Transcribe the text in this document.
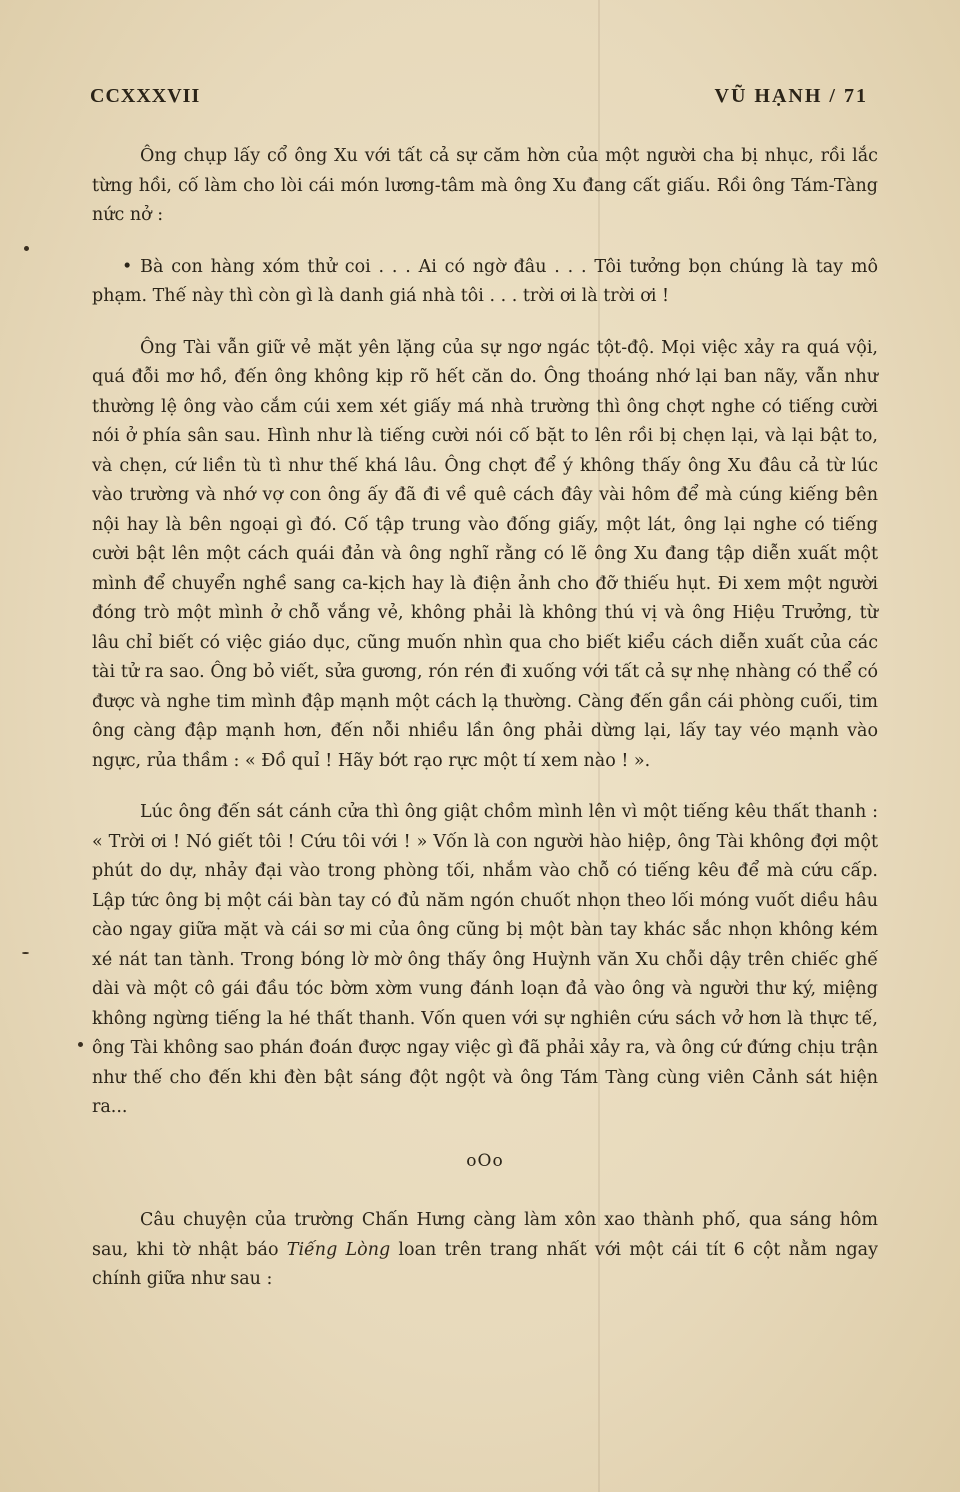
CCXXXVII	VŨ HẠNH / 71

Ông chụp lấy cổ ông Xu với tất cả sự căm hờn của một người cha bị nhục, rồi lắc từng hồi, cố làm cho lòi cái món lương-tâm mà ông Xu đang cất giấu. Rồi ông Tám-Tàng nức nở :

• Bà con hàng xóm thử coi . . . Ai có ngờ đâu . . . Tôi tưởng bọn chúng là tay mô phạm. Thế này thì còn gì là danh giá nhà tôi . . . trời ơi là trời ơi !

Ông Tài vẫn giữ vẻ mặt yên lặng của sự ngơ ngác tột-độ. Mọi việc xảy ra quá vội, quá đỗi mơ hồ, đến ông không kịp rõ hết căn do. Ông thoáng nhớ lại ban nãy, vẫn như thường lệ ông vào cắm cúi xem xét giấy má nhà trường thì ông chợt nghe có tiếng cười nói ở phía sân sau. Hình như là tiếng cười nói cố bặt to lên rồi bị chẹn lại, và lại bật to, và chẹn, cứ liền tù tì như thế khá lâu. Ông chợt để ý không thấy ông Xu đâu cả từ lúc vào trường và nhớ vợ con ông ấy đã đi về quê cách đây vài hôm để mà cúng kiếng bên nội hay là bên ngoại gì đó. Cố tập trung vào đống giấy, một lát, ông lại nghe có tiếng cười bật lên một cách quái đản và ông nghĩ rằng có lẽ ông Xu đang tập diễn xuất một mình để chuyển nghề sang ca-kịch hay là điện ảnh cho đỡ thiếu hụt. Đi xem một người đóng trò một mình ở chỗ vắng vẻ, không phải là không thú vị và ông Hiệu Trưởng, từ lâu chỉ biết có việc giáo dục, cũng muốn nhìn qua cho biết kiểu cách diễn xuất của các tài tử ra sao. Ông bỏ viết, sửa gương, rón rén đi xuống với tất cả sự nhẹ nhàng có thể có được và nghe tim mình đập mạnh một cách lạ thường. Càng đến gần cái phòng cuối, tim ông càng đập mạnh hơn, đến nỗi nhiều lần ông phải dừng lại, lấy tay véo mạnh vào ngực, rủa thầm : « Đồ quỉ ! Hãy bớt rạo rực một tí xem nào ! ».

Lúc ông đến sát cánh cửa thì ông giật chồm mình lên vì một tiếng kêu thất thanh : « Trời ơi ! Nó giết tôi ! Cứu tôi với ! » Vốn là con người hào hiệp, ông Tài không đợi một phút do dự, nhảy đại vào trong phòng tối, nhắm vào chỗ có tiếng kêu để mà cứu cấp. Lập tức ông bị một cái bàn tay có đủ năm ngón chuốt nhọn theo lối móng vuốt diều hâu cào ngay giữa mặt và cái sơ mi của ông cũng bị một bàn tay khác sắc nhọn không kém xé nát tan tành. Trong bóng lờ mờ ông thấy ông Huỳnh văn Xu chỗi dậy trên chiếc ghế dài và một cô gái đầu tóc bờm xờm vung đánh loạn đả vào ông và người thư ký, miệng không ngừng tiếng la hé thất thanh. Vốn quen với sự nghiên cứu sách vở hơn là thực tế, ông Tài không sao phán đoán được ngay việc gì đã phải xảy ra, và ông cứ đứng chịu trận như thế cho đến khi đèn bật sáng đột ngột và ông Tám Tàng cùng viên Cảnh sát hiện ra...

oOo

Câu chuyện của trường Chấn Hưng càng làm xôn xao thành phố, qua sáng hôm sau, khi tờ nhật báo Tiếng Lòng loan trên trang nhất với một cái tít 6 cột nằm ngay chính giữa như sau :
